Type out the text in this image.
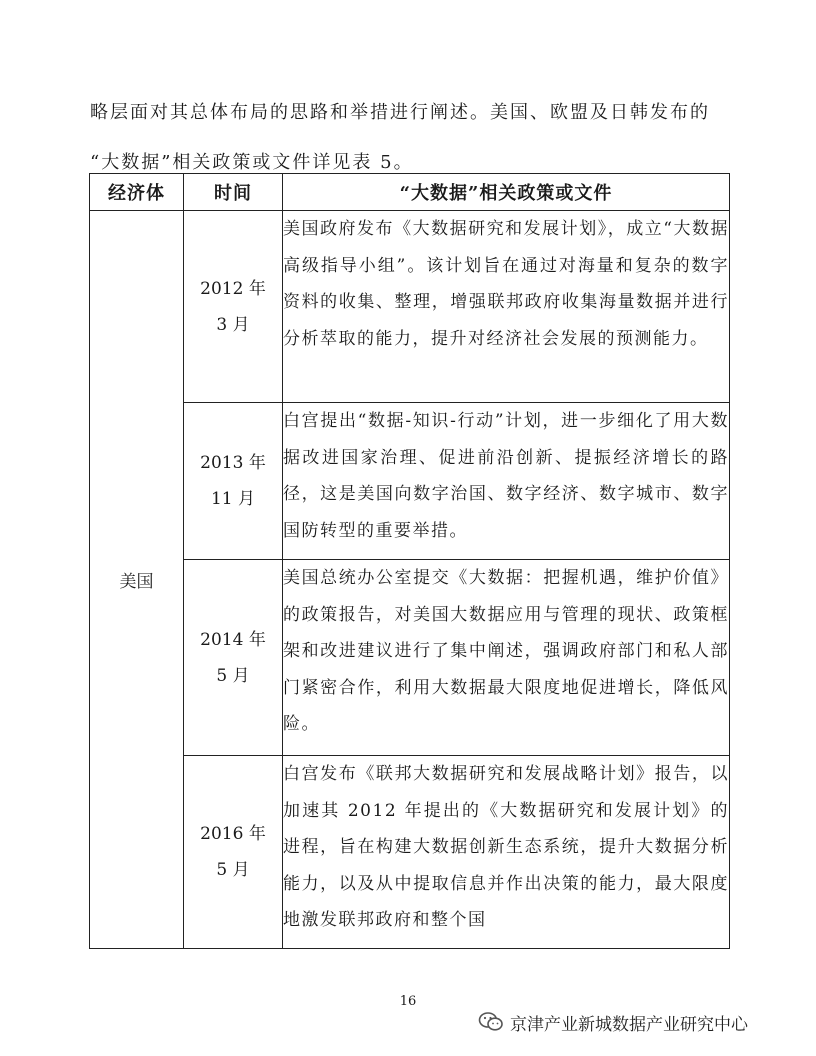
略层面对其总体布局的思路和举措进行阐述。美国、欧盟及日韩发布的

“大数据”相关政策或文件详见表 5。

经济体	时间	“大数据”相关政策或文件
美国	2012 年 3 月	美国政府发布《大数据研究和发展计划》，成立“大数据高级指导小组”。该计划旨在通过对海量和复杂的数字资料的收集、整理，增强联邦政府收集海量数据并进行分析萃取的能力，提升对经济社会发展的预测能力。

	2013 年 11 月	白宫提出“数据-知识-行动”计划，进一步细化了用大数据改进国家治理、促进前沿创新、提振经济增长的路径，这是美国向数字治国、数字经济、数字城市、数字国防转型的重要举措。

	2014 年 5 月	美国总统办公室提交《大数据：把握机遇，维护价值》的政策报告，对美国大数据应用与管理的现状、政策框架和改进建议进行了集中阐述，强调政府部门和私人部门紧密合作，利用大数据最大限度地促进增长，降低风险。

	2016 年 5 月	白宫发布《联邦大数据研究和发展战略计划》报告，以加速其 2012 年提出的《大数据研究和发展计划》的进程，旨在构建大数据创新生态系统，提升大数据分析能力，以及从中提取信息并作出决策的能力，最大限度地激发联邦政府和整个国
16
京津产业新城数据产业研究中心
